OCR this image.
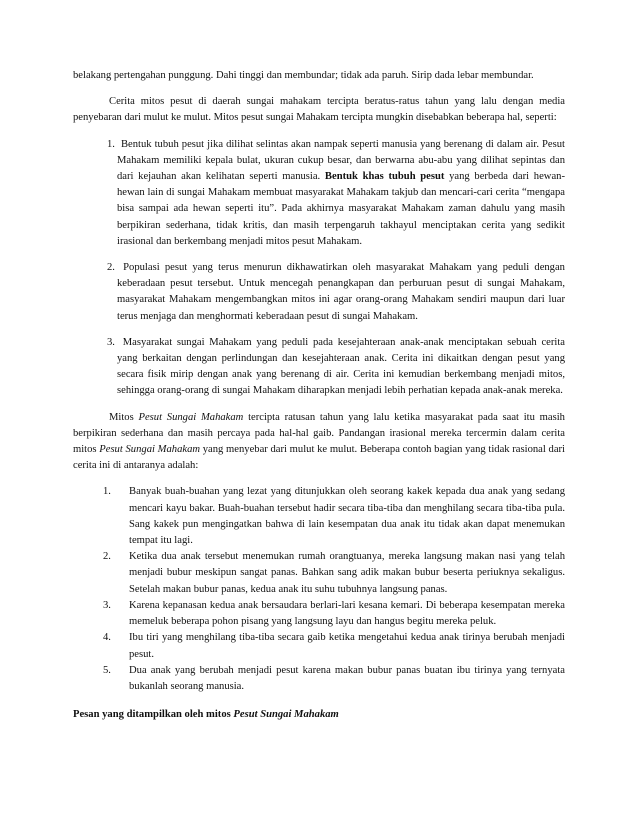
belakang pertengahan punggung. Dahi tinggi dan membundar; tidak ada paruh. Sirip dada lebar membundar.

Cerita mitos pesut di daerah sungai mahakam tercipta beratus-ratus tahun yang lalu dengan media penyebaran dari mulut ke mulut. Mitos pesut sungai Mahakam tercipta mungkin disebabkan beberapa hal, seperti:

1. Bentuk tubuh pesut jika dilihat selintas akan nampak seperti manusia yang berenang di dalam air. Pesut Mahakam memiliki kepala bulat, ukuran cukup besar, dan berwarna abu-abu yang dilihat sepintas dan dari kejauhan akan kelihatan seperti manusia. Bentuk khas tubuh pesut yang berbeda dari hewan-hewan lain di sungai Mahakam membuat masyarakat Mahakam takjub dan mencari-cari cerita “mengapa bisa sampai ada hewan seperti itu”. Pada akhirnya masyarakat Mahakam zaman dahulu yang masih berpikiran sederhana, tidak kritis, dan masih terpengaruh takhayul menciptakan cerita yang sedikit irasional dan berkembang menjadi mitos pesut Mahakam.
2. Populasi pesut yang terus menurun dikhawatirkan oleh masyarakat Mahakam yang peduli dengan keberadaan pesut tersebut. Untuk mencegah penangkapan dan perburuan pesut di sungai Mahakam, masyarakat Mahakam mengembangkan mitos ini agar orang-orang Mahakam sendiri maupun dari luar terus menjaga dan menghormati keberadaan pesut di sungai Mahakam.
3. Masyarakat sungai Mahakam yang peduli pada kesejahteraan anak-anak menciptakan sebuah cerita yang berkaitan dengan perlindungan dan kesejahteraan anak. Cerita ini dikaitkan dengan pesut yang secara fisik mirip dengan anak yang berenang di air. Cerita ini kemudian berkembang menjadi mitos, sehingga orang-orang di sungai Mahakam diharapkan menjadi lebih perhatian kepada anak-anak mereka.

Mitos Pesut Sungai Mahakam tercipta ratusan tahun yang lalu ketika masyarakat pada saat itu masih berpikiran sederhana dan masih percaya pada hal-hal gaib. Pandangan irasional mereka tercermin dalam cerita mitos Pesut Sungai Mahakam yang menyebar dari mulut ke mulut. Beberapa contoh bagian yang tidak rasional dari cerita ini di antaranya adalah:

1. Banyak buah-buahan yang lezat yang ditunjukkan oleh seorang kakek kepada dua anak yang sedang mencari kayu bakar. Buah-buahan tersebut hadir secara tiba-tiba dan menghilang secara tiba-tiba pula. Sang kakek pun mengingatkan bahwa di lain kesempatan dua anak itu tidak akan dapat menemukan tempat itu lagi.
2. Ketika dua anak tersebut menemukan rumah orangtuanya, mereka langsung makan nasi yang telah menjadi bubur meskipun sangat panas. Bahkan sang adik makan bubur beserta periuknya sekaligus. Setelah makan bubur panas, kedua anak itu suhu tubuhnya langsung panas.
3. Karena kepanasan kedua anak bersaudara berlari-lari kesana kemari. Di beberapa kesempatan mereka memeluk beberapa pohon pisang yang langsung layu dan hangus begitu mereka peluk.
4. Ibu tiri yang menghilang tiba-tiba secara gaib ketika mengetahui kedua anak tirinya berubah menjadi pesut.
5. Dua anak yang berubah menjadi pesut karena makan bubur panas buatan ibu tirinya yang ternyata bukanlah seorang manusia.

Pesan yang ditampilkan oleh mitos Pesut Sungai Mahakam
